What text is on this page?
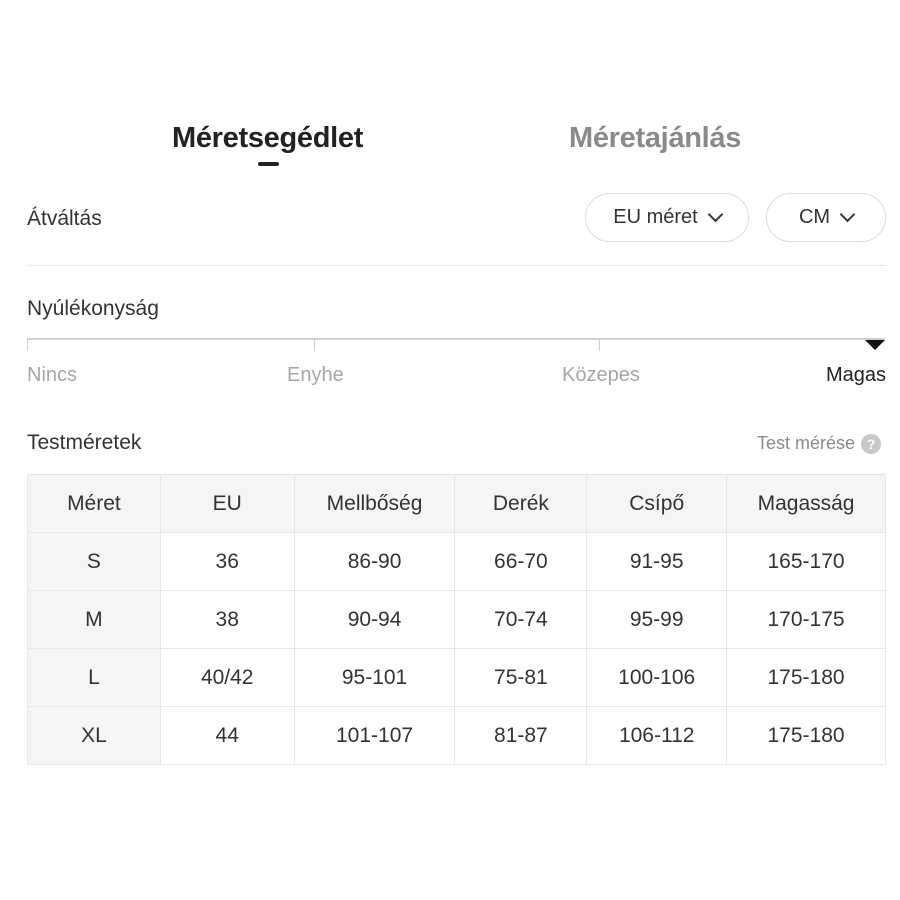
Méretsegédlet	Méretajánlás
Átváltás	EU méret	CM
Nyúlékonyság
Nincs	Enyhe	Közepes	Magas
Testméretek	Test mérése ?
Méret	EU	Mellbőség	Derék	Csípő	Magasság
S	36	86-90	66-70	91-95	165-170
M	38	90-94	70-74	95-99	170-175
L	40/42	95-101	75-81	100-106	175-180
XL	44	101-107	81-87	106-112	175-180
